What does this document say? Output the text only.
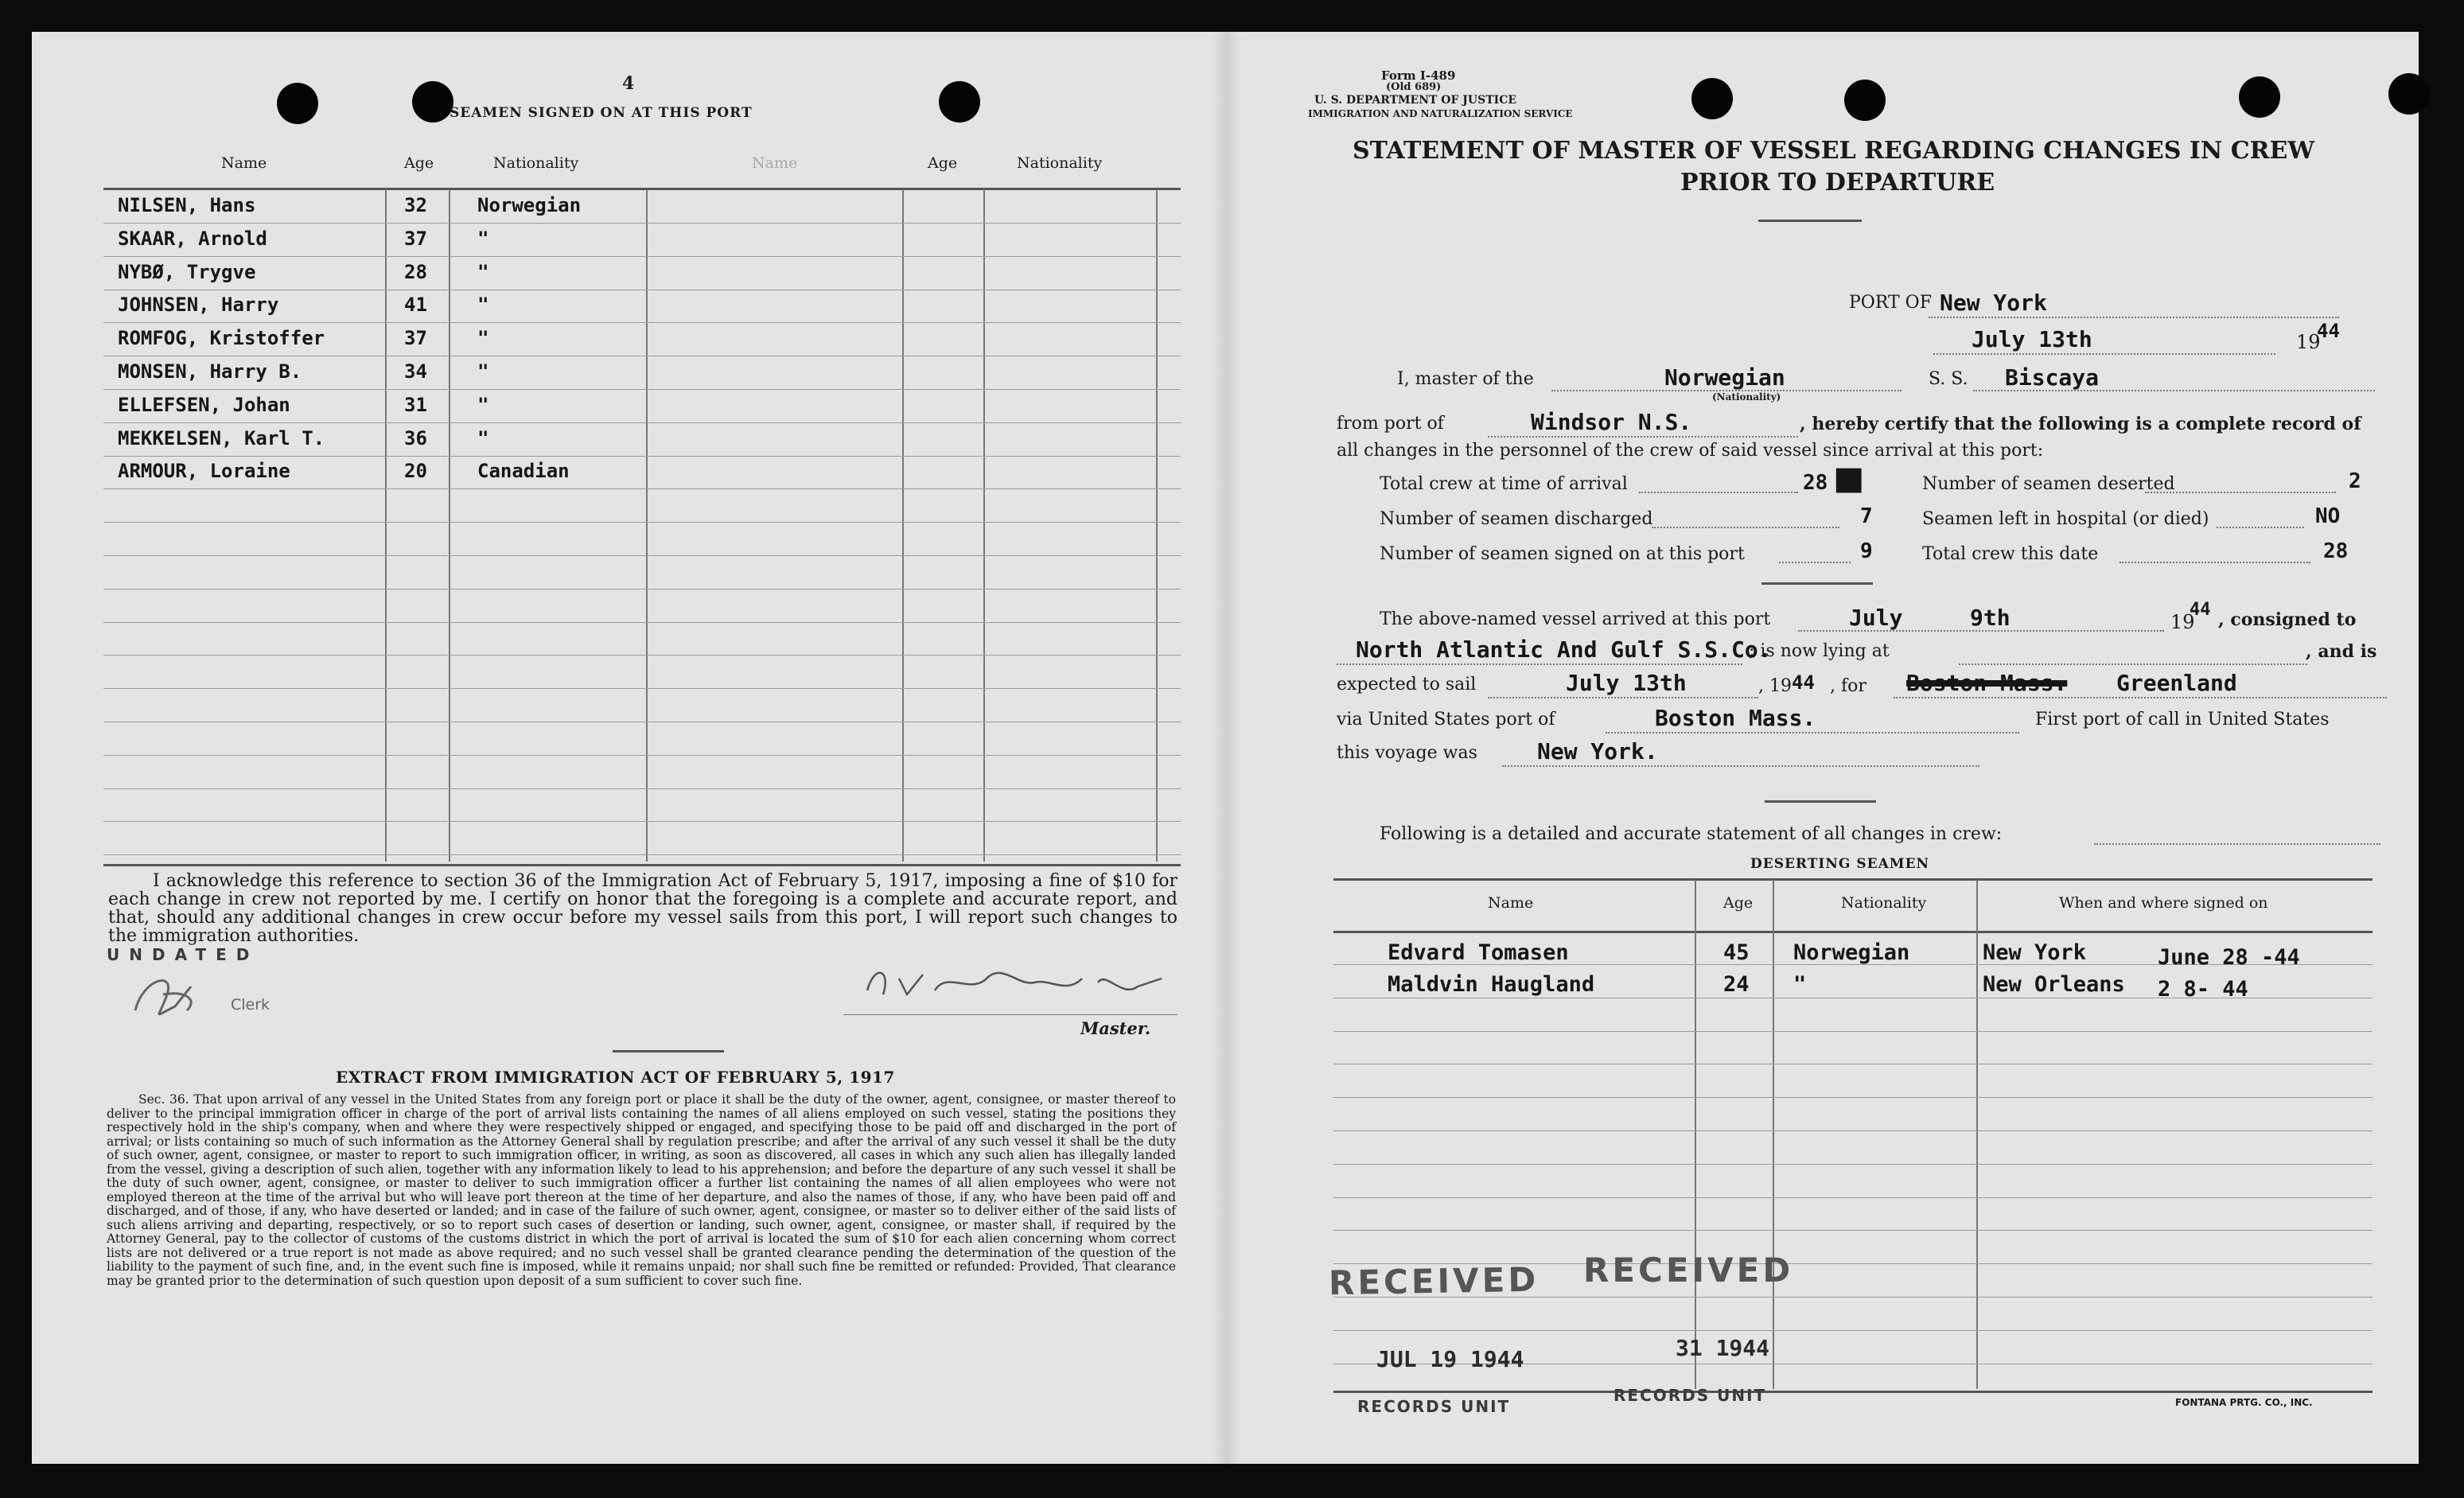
4
SEAMEN SIGNED ON AT THIS PORT
Name	Age	Nationality	Name	Age	Nationality
NILSEN, Hans	32	Norwegian
SKAAR, Arnold	37	"
NYBØ, Trygve	28	"
JOHNSEN, Harry	41	"
ROMFOG, Kristoffer	37	"
MONSEN, Harry B.	34	"
ELLEFSEN, Johan	31	"
MEKKELSEN, Karl T.	36	"
ARMOUR, Loraine	20	Canadian
I acknowledge this reference to section 36 of the Immigration Act of February 5, 1917, imposing a fine of $10 for each change in crew not reported by me. I certify on honor that the foregoing is a complete and accurate report, and that, should any additional changes in crew occur before my vessel sails from this port, I will report such changes to the immigration authorities.
UNDATED
Clerk
Master.
EXTRACT FROM IMMIGRATION ACT OF FEBRUARY 5, 1917
Sec. 36. That upon arrival of any vessel in the United States from any foreign port or place it shall be the duty of the owner, agent, consignee, or master thereof to deliver to the principal immigration officer in charge of the port of arrival lists containing the names of all aliens employed on such vessel, stating the positions they respectively hold in the ship's company, when and where they were respectively shipped or engaged, and specifying those to be paid off and discharged in the port of arrival; or lists containing so much of such information as the Attorney General shall by regulation prescribe; and after the arrival of any such vessel it shall be the duty of such owner, agent, consignee, or master to report to such immigration officer, in writing, as soon as discovered, all cases in which any such alien has illegally landed from the vessel, giving a description of such alien, together with any information likely to lead to his apprehension; and before the departure of any such vessel it shall be the duty of such owner, agent, consignee, or master to deliver to such immigration officer a further list containing the names of all alien employees who were not employed thereon at the time of the arrival but who will leave port thereon at the time of her departure, and also the names of those, if any, who have been paid off and discharged, and of those, if any, who have deserted or landed; and in case of the failure of such owner, agent, consignee, or master so to deliver either of the said lists of such aliens arriving and departing, respectively, or so to report such cases of desertion or landing, such owner, agent, consignee, or master shall, if required by the Attorney General, pay to the collector of customs of the customs district in which the port of arrival is located the sum of $10 for each alien concerning whom correct lists are not delivered or a true report is not made as above required; and no such vessel shall be granted clearance pending the determination of the question of the liability to the payment of such fine, and, in the event such fine is imposed, while it remains unpaid; nor shall such fine be remitted or refunded: Provided, That clearance may be granted prior to the determination of such question upon deposit of a sum sufficient to cover such fine.
Form I-489
(Old 689)
U. S. DEPARTMENT OF JUSTICE
IMMIGRATION AND NATURALIZATION SERVICE
STATEMENT OF MASTER OF VESSEL REGARDING CHANGES IN CREW
PRIOR TO DEPARTURE
PORT OF New York
July 13th	19
44
I, master of the	Norwegian
(Nationality)
S. S. Biscaya
from port of	Windsor N.S.	, hereby certify that the following is a complete record of
all changes in the personnel of the crew of said vessel since arrival at this port:
Total crew at time of arrival	28 ██	Number of seamen deserted	2
Number of seamen discharged	7	Seamen left in hospital (or died)	NO
Number of seamen signed on at this port	9	Total crew this date	28
The above-named vessel arrived at this port	July	9th	19
44 , consigned to
North Atlantic And Gulf S.S.Co.
; is now lying at	, and is
expected to sail	July 13th	, 19 44 , for Boston Mass. Greenland
via United States port of	Boston Mass.	First port of call in United States
this voyage was	New York.
Following is a detailed and accurate statement of all changes in crew:
DESERTING SEAMEN
Name	Age	Nationality	When and where signed on
Edvard Tomasen	45 Norwegian	New York	June 28 -44
Maldvin Haugland	24 "	New Orleans 2 8- 44
RECEIVED RECEIVED
JUL 19 1944	31 1944
RECORDS UNIT
RECORDS UNIT	FONTANA PRTG. CO., INC.
